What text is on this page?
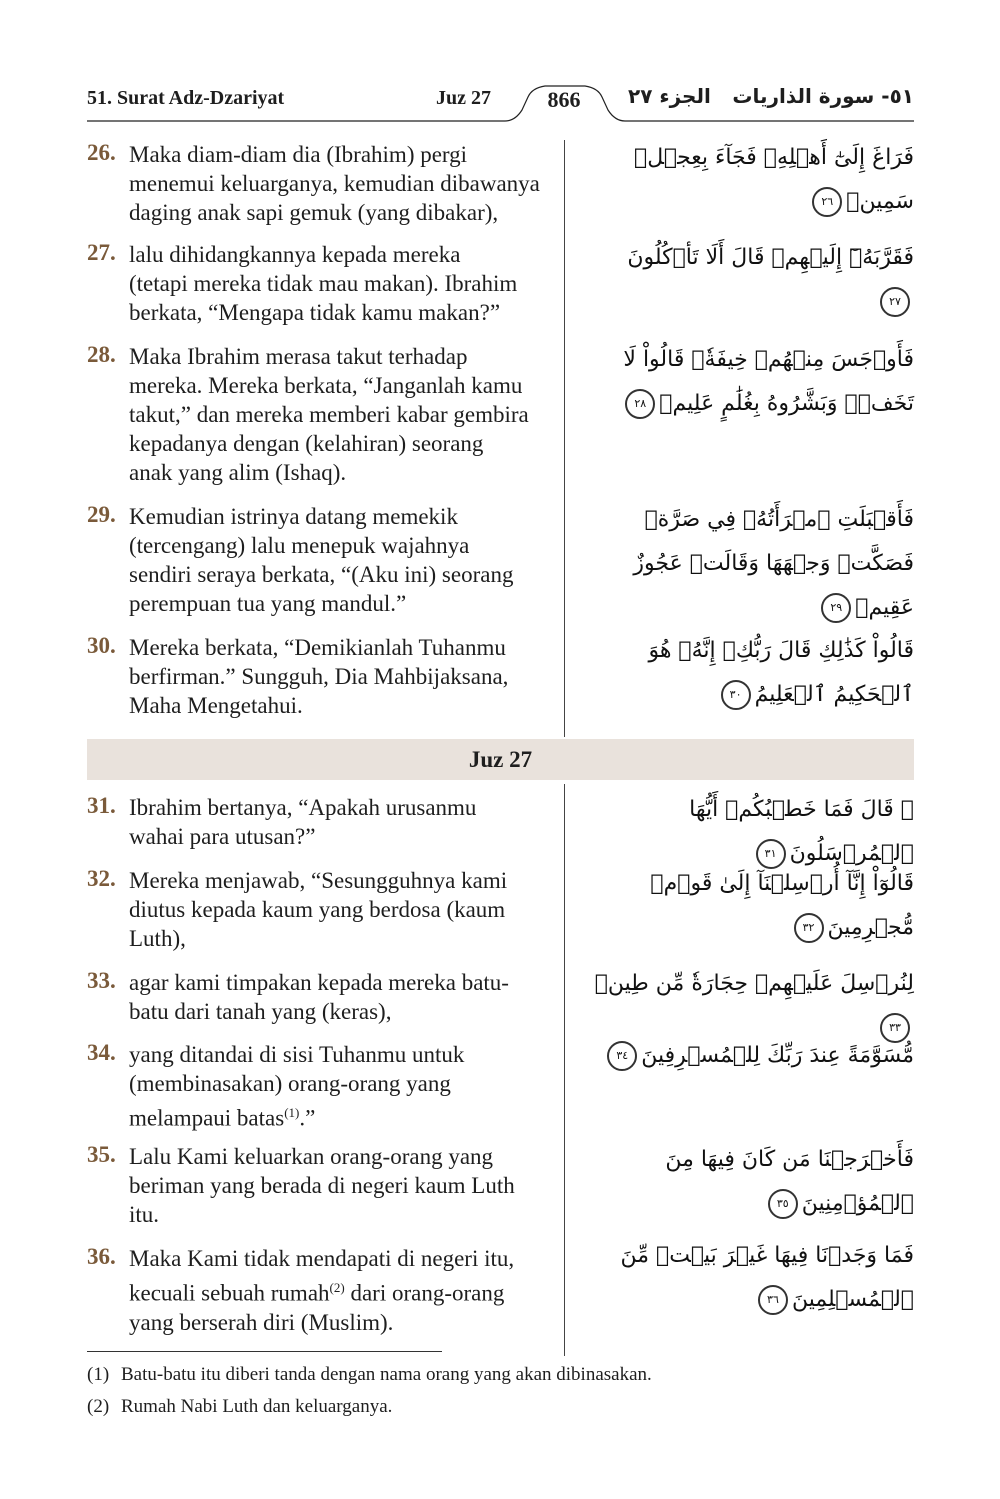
51. Surat Adz-Dzariyat	Juz 27	866	الجزء ٢٧ ٥١- سورة الذاريات
26. Maka diam-diam dia (Ibrahim) pergi
menemui keluarganya, kemudian dibawanya
daging anak sapi gemuk (yang dibakar),
فَرَاغَ إِلَىٰٓ أَهۡلِهِۦ فَجَآءَ بِعِجۡلٖ سَمِينٖ٢٦
27. lalu dihidangkannya kepada mereka
(tetapi mereka tidak mau makan). Ibrahim
berkata, “Mengapa tidak kamu makan?”
فَقَرَّبَهُۥٓ إِلَيۡهِمۡ قَالَ أَلَا تَأۡكُلُونَ٢٧
28. Maka Ibrahim merasa takut terhadap
mereka. Mereka berkata, “Janganlah kamu
takut,” dan mereka memberi kabar gembira
kepadanya dengan (kelahiran) seorang
anak yang alim (Ishaq).
فَأَوۡجَسَ مِنۡهُمۡ خِيفَةٗۖ قَالُواْ لَا تَخَفۡۖ وَبَشَّرُوهُ بِغُلَٰمٍ عَلِيمٖ٢٨
29. Kemudian istrinya datang memekik
(tercengang) lalu menepuk wajahnya
sendiri seraya berkata, “(Aku ini) seorang
perempuan tua yang mandul.”
فَأَقۡبَلَتِ ٱمۡرَأَتُهُۥ فِي صَرَّةٖ فَصَكَّتۡ وَجۡهَهَا وَقَالَتۡ عَجُوزٌ عَقِيمٞ٢٩
30. Mereka berkata, “Demikianlah Tuhanmu
berfirman.” Sungguh, Dia Mahbijaksana,
Maha Mengetahui.
قَالُواْ كَذَٰلِكِ قَالَ رَبُّكِۖ إِنَّهُۥ هُوَ ٱلۡحَكِيمُ ٱلۡعَلِيمُ٣٠
Juz 27
31. Ibrahim bertanya, “Apakah urusanmu
wahai para utusan?”
۞ قَالَ فَمَا خَطۡبُكُمۡ أَيُّهَا ٱلۡمُرۡسَلُونَ٣١
32. Mereka menjawab, “Sesungguhnya kami
diutus kepada kaum yang berdosa (kaum
Luth),
قَالُوٓاْ إِنَّآ أُرۡسِلۡنَآ إِلَىٰ قَوۡمٖ مُّجۡرِمِينَ٣٢
33. agar kami timpakan kepada mereka batu-
batu dari tanah yang (keras),
لِنُرۡسِلَ عَلَيۡهِمۡ حِجَارَةٗ مِّن طِينٖ٣٣
34. yang ditandai di sisi Tuhanmu untuk
(membinasakan) orang-orang yang
melampaui batas$^{(1)}$.”
مُّسَوَّمَةً عِندَ رَبِّكَ لِلۡمُسۡرِفِينَ٣٤
35. Lalu Kami keluarkan orang-orang yang
beriman yang berada di negeri kaum Luth
itu.
فَأَخۡرَجۡنَا مَن كَانَ فِيهَا مِنَ ٱلۡمُؤۡمِنِينَ٣٥
36. Maka Kami tidak mendapati di negeri itu,
kecuali sebuah rumah$^{(2)}$ dari orang-orang
yang berserah diri (Muslim).
فَمَا وَجَدۡنَا فِيهَا غَيۡرَ بَيۡتٖ مِّنَ ٱلۡمُسۡلِمِينَ٣٦
(1) Batu-batu itu diberi tanda dengan nama orang yang akan dibinasakan.
(2) Rumah Nabi Luth dan keluarganya.
